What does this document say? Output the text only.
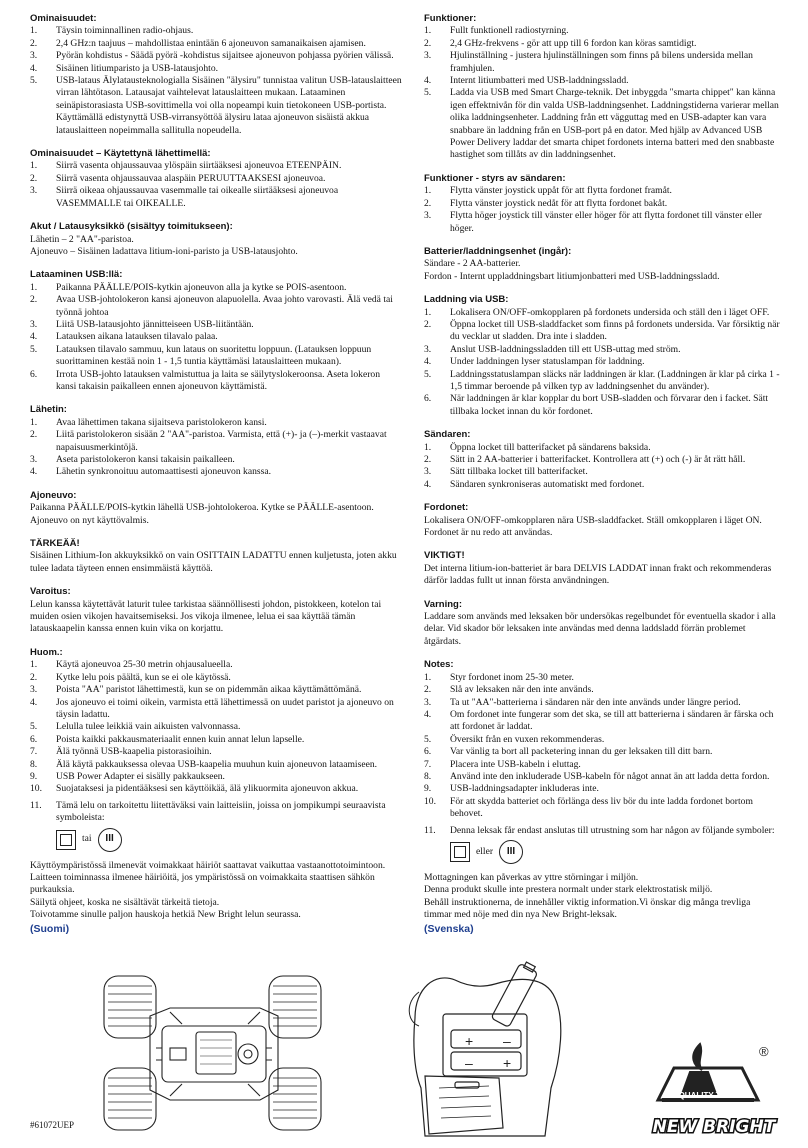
Ominaisuudet:
1. Täysin toiminnallinen radio-ohjaus.
2. 2,4 GHz:n taajuus – mahdollistaa enintään 6 ajoneuvon samanaikaisen ajamisen.
3. Pyörän kohdistus - Säädä pyörä -kohdistus sijaitsee ajoneuvon pohjassa pyörien välissä.
4. Sisäinen litiumparisto ja USB-latausjohto.
5. USB-lataus Älylatausteknologialla Sisäinen "älysiru" tunnistaa valitun USB-latauslaitteen virran lähtötason. Latausajat vaihtelevat latauslaitteen mukaan. Lataaminen seinäpistorasiasta USB-sovittimella voi olla nopeampi kuin tietokoneen USB-portista. Käyttämällä edistynyttä USB-virransyöttöä älysiru lataa ajoneuvon sisäistä akkua latauslaitteen nopeimmalla sallitulla nopeudella.
Ominaisuudet – Käytettynä lähettimellä:
1. Siirrä vasenta ohjaussauvaa ylöspäin siirtääksesi ajoneuvoa ETEENPÄIN.
2. Siirrä vasenta ohjaussauvaa alaspäin PERUUTTAAKSESI ajoneuvoa.
3. Siirrä oikeaa ohjaussauvaa vasemmalle tai oikealle siirtääksesi ajoneuvoa VASEMMALLE tai OIKEALLE.
Akut / Latausyksikkö (sisältyy toimitukseen):
Lähetin – 2 "AA"-paristoa.
Ajoneuvo – Sisäinen ladattava litium-ioni-paristo ja USB-latausjohto.
Lataaminen USB:llä:
1. Paikanna PÄÄLLE/POIS-kytkin ajoneuvon alla ja kytke se POIS-asentoon.
2. Avaa USB-johtolokeron kansi ajoneuvon alapuolella. Avaa johto varovasti. Älä vedä tai työnnä johtoa
3. Liitä USB-latausjohto jännitteiseen USB-liitäntään.
4. Latauksen aikana latauksen tilavalo palaa.
5. Latauksen tilavalo sammuu, kun lataus on suoritettu loppuun. (Latauksen loppuun suorittaminen kestää noin 1 - 1,5 tuntia käyttämäsi latauslaitteen mukaan).
6. Irrota USB-johto latauksen valmistuttua ja laita se säilytyslokeroonsa. Aseta lokeron kansi takaisin paikalleen ennen ajoneuvon käyttämistä.
Lähetin:
1. Avaa lähettimen takana sijaitseva paristolokeron kansi.
2. Liitä paristolokeron sisään 2 "AA"-paristoa. Varmista, että (+)- ja (–)-merkit vastaavat napaisuusmerkintöjä.
3. Aseta paristolokeron kansi takaisin paikalleen.
4. Lähetin synkronoituu automaattisesti ajoneuvon kanssa.
Ajoneuvo:
Paikanna PÄÄLLE/POIS-kytkin lähellä USB-johtolokeroa. Kytke se PÄÄLLE-asentoon. Ajoneuvo on nyt käyttövalmis.
TÄRKEÄÄ!
Sisäinen Lithium-Ion akkuyksikkö on vain OSITTAIN LADATTU ennen kuljetusta, joten akku tulee ladata täyteen ennen ensimmäistä käyttöä.
Varoitus:
Lelun kanssa käytettävät laturit tulee tarkistaa säännöllisesti johdon, pistokkeen, kotelon tai muiden osien vikojen havaitsemiseksi. Jos vikoja ilmenee, lelua ei saa käyttää tämän latauskaapelin kanssa ennen kuin vika on korjattu.
Huom.:
1. Käytä ajoneuvoa 25-30 metrin ohjausalueella.
2. Kytke lelu pois päältä, kun se ei ole käytössä.
3. Poista "AA" paristot lähettimestä, kun se on pidemmän aikaa käyttämättömänä.
4. Jos ajoneuvo ei toimi oikein, varmista että lähettimessä on uudet paristot ja ajoneuvo on täysin ladattu.
5. Lelulla tulee leikkiä vain aikuisten valvonnassa.
6. Poista kaikki pakkausmateriaalit ennen kuin annat lelun lapselle.
7. Älä työnnä USB-kaapelia pistorasioihin.
8. Älä käytä pakkauksessa olevaa USB-kaapelia muuhun kuin ajoneuvon lataamiseen.
9. USB Power Adapter ei sisälly pakkaukseen.
10. Suojataksesi ja pidentääksesi sen käyttöikää, älä ylikuormita ajoneuvon akkua.
11. Tämä lelu on tarkoitettu liitettäväksi vain laitteisiin, joissa on jompikumpi seuraavista symboleista:
tai	III
Käyttöympäristössä ilmenevät voimakkaat häiriöt saattavat vaikuttaa vastaanottotoimintoon.
Laitteen toiminnassa ilmenee häiriöitä, jos ympäristössä on voimakkaita staattisen sähkön purkauksia.
Säilytä ohjeet, koska ne sisältävät tärkeitä tietoja.
Toivotamme sinulle paljon hauskoja hetkiä New Bright lelun seurassa.
(Suomi)
Funktioner:
1. Fullt funktionell radiostyrning.
2. 2,4 GHz-frekvens - gör att upp till 6 fordon kan köras samtidigt.
3. Hjulinställning - justera hjulinställningen som finns på bilens undersida mellan framhjulen.
4. Internt litiumbatteri med USB-laddningssladd.
5. Ladda via USB med Smart Charge-teknik. Det inbyggda "smarta chippet" kan känna igen effektnivån för din valda USB-laddningsenhet. Laddningstiderna varierar mellan olika laddningsenheter. Laddning från ett vägguttag med en USB-adapter kan vara snabbare än laddning från en USB-port på en dator. Med hjälp av Advanced USB Power Delivery laddar det smarta chipet fordonets interna batteri med den snabbaste hastighet som tillåts av din laddningsenhet.
Funktioner - styrs av sändaren:
1. Flytta vänster joystick uppåt för att flytta fordonet framåt.
2. Flytta vänster joystick nedåt för att flytta fordonet bakåt.
3. Flytta höger joystick till vänster eller höger för att flytta fordonet till vänster eller höger.
Batterier/laddningsenhet (ingår):
Sändare - 2 AA-batterier.
Fordon - Internt uppladdningsbart litiumjonbatteri med USB-laddningssladd.
Laddning via USB:
1. Lokalisera ON/OFF-omkopplaren på fordonets undersida och ställ den i läget OFF.
2. Öppna locket till USB-sladdfacket som finns på fordonets undersida. Var försiktig när du vecklar ut sladden. Dra inte i sladden.
3. Anslut USB-laddningssladden till ett USB-uttag med ström.
4. Under laddningen lyser statuslampan för laddning.
5. Laddningsstatuslampan släcks när laddningen är klar. (Laddningen är klar på cirka 1 - 1,5 timmar beroende på vilken typ av laddningsenhet du använder).
6. När laddningen är klar kopplar du bort USB-sladden och förvarar den i facket. Sätt tillbaka locket innan du kör fordonet.
Sändaren:
1. Öppna locket till batterifacket på sändarens baksida.
2. Sätt in 2 AA-batterier i batterifacket. Kontrollera att (+) och (-) är åt rätt håll.
3. Sätt tillbaka locket till batterifacket.
4. Sändaren synkroniseras automatiskt med fordonet.
Fordonet:
Lokalisera ON/OFF-omkopplaren nära USB-sladdfacket. Ställ omkopplaren i läget ON. Fordonet är nu redo att användas.
VIKTIGT!
Det interna litium-ion-batteriet är bara DELVIS LADDAT innan frakt och rekommenderas därför laddas fullt ut innan första användningen.
Varning:
Laddare som används med leksaken bör undersökas regelbundet för eventuella skador i alla delar. Vid skador bör leksaken inte användas med denna laddsladd förrän problemet åtgärdats.
Notes:
1. Styr fordonet inom 25-30 meter.
2. Slå av leksaken när den inte används.
3. Ta ut "AA"-batterierna i sändaren när den inte används under längre period.
4. Om fordonet inte fungerar som det ska, se till att batterierna i sändaren är färska och att fordonet är laddat.
5. Översikt från en vuxen rekommenderas.
6. Var vänlig ta bort all packetering innan du ger leksaken till ditt barn.
7. Placera inte USB-kabeln i eluttag.
8. Använd inte den inkluderade USB-kabeln för något annat än att ladda detta fordon.
9. USB-laddningsadapter inkluderas inte.
10. För att skydda batteriet och förlänga dess liv bör du inte ladda fordonet bortom behovet.
11. Denna leksak får endast anslutas till utrustning som har någon av följande symboler:
eller	III
Mottagningen kan påverkas av yttre störningar i miljön.
Denna produkt skulle inte prestera normalt under stark elektrostatisk miljö.
Behåll instruktionerna, de innehåller viktig information.Vi önskar dig många trevliga timmar med nöje med din nya New Bright-leksak.
(Svenska)
+ –
– +
®
QUALITY TOYS
NEW BRIGHT
#61072UEP
